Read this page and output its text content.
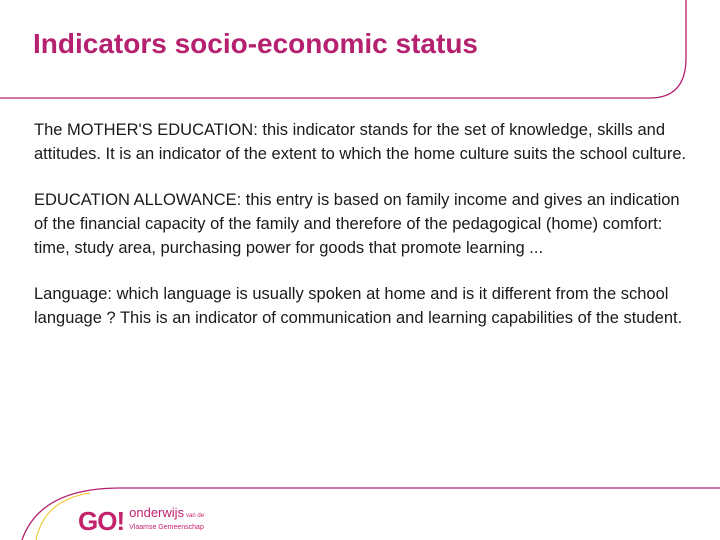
Indicators socio-economic status

The MOTHER'S EDUCATION: this indicator stands for the set of knowledge, skills and attitudes. It is an indicator of the extent to which the home culture suits the school culture.

EDUCATION ALLOWANCE: this entry is based on family income and gives an indication of the financial capacity of the family and therefore of the pedagogical (home) comfort: time, study area, purchasing power for goods that promote learning ...

Language: which language is usually spoken at home and is it different from the school language ? This is an indicator of communication and learning capabilities of the student.

GO ! onderwijs van de
Vlaamse Gemeenschap
